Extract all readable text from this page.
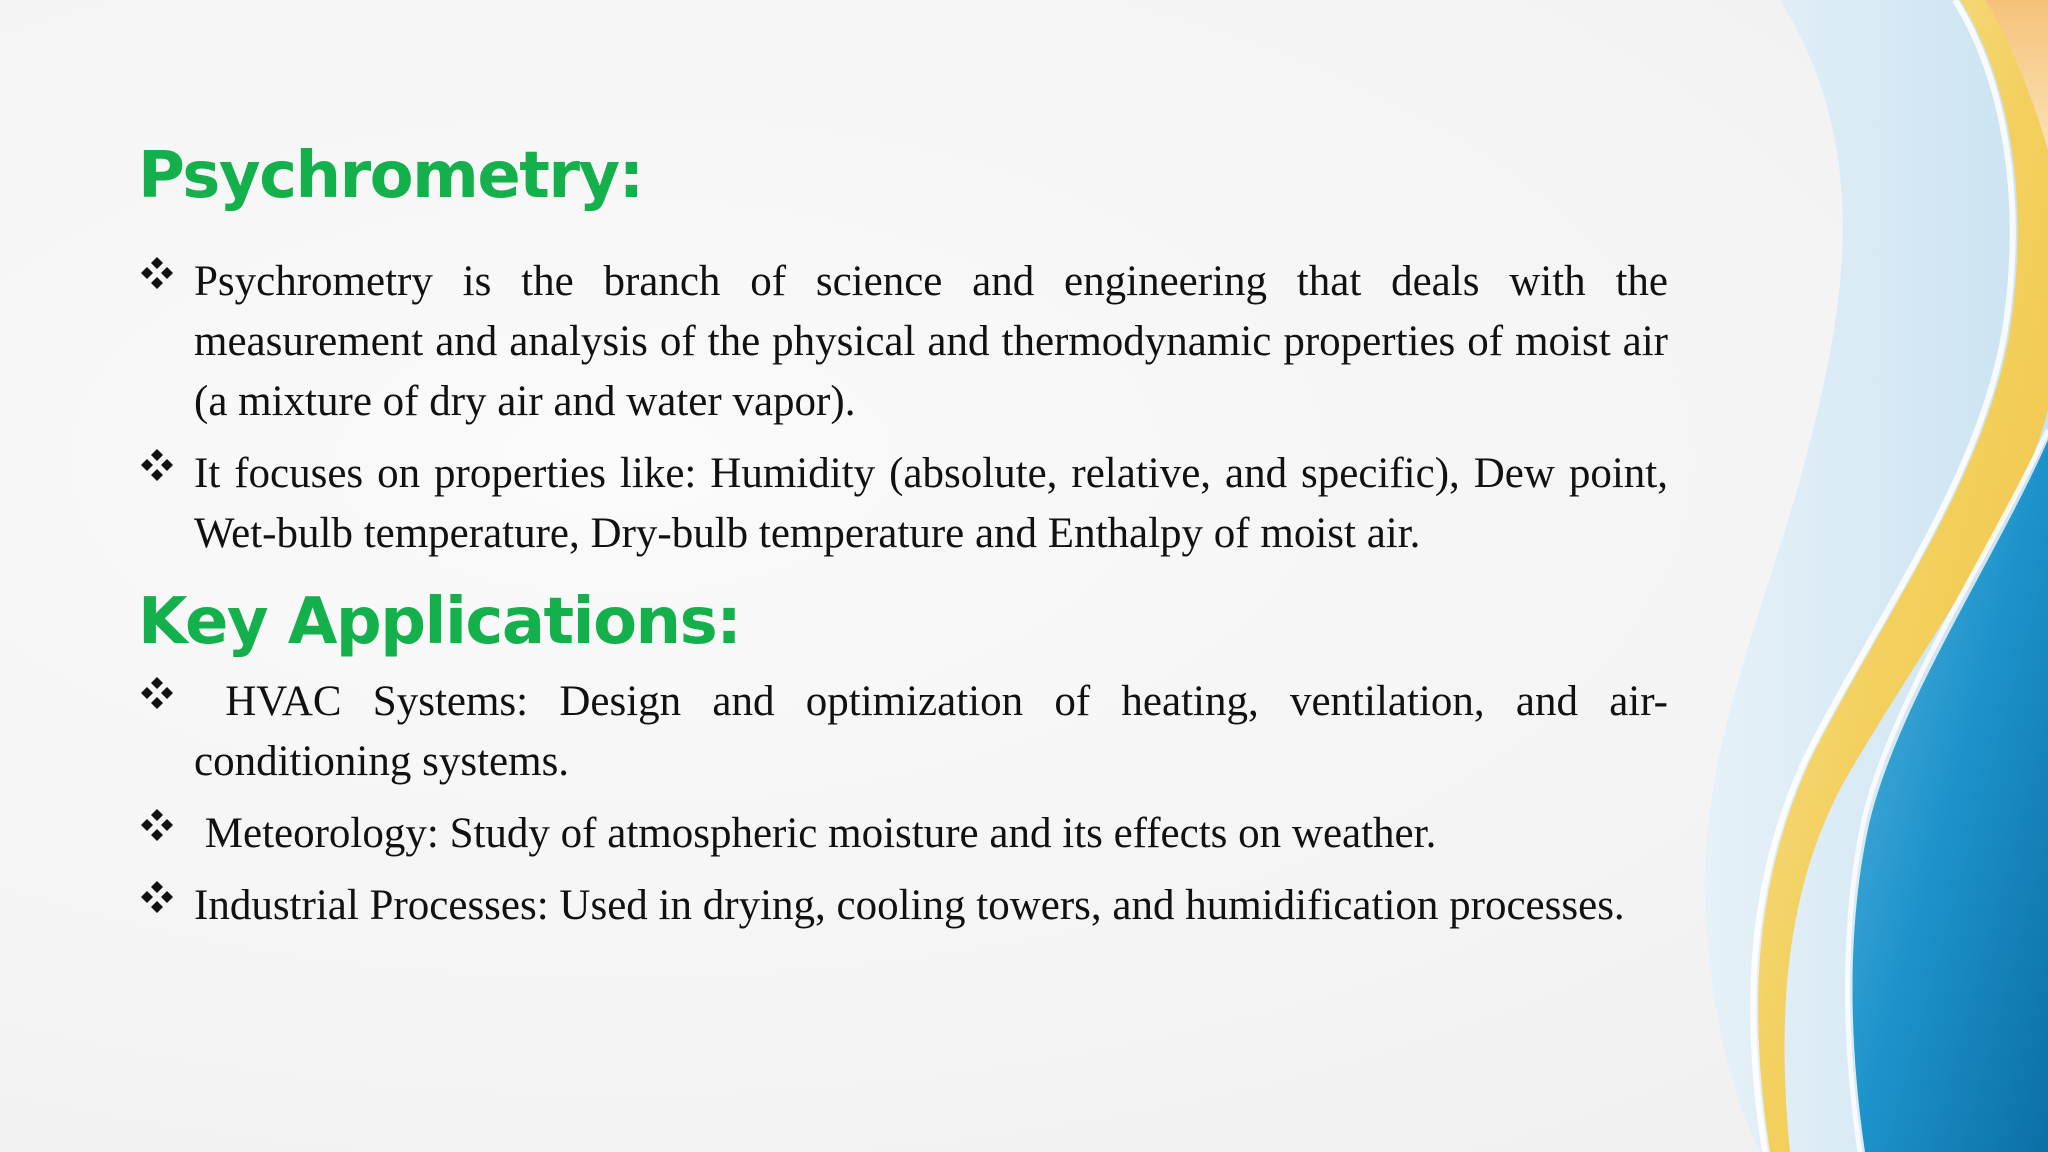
Psychrometry:
Psychrometry is the branch of science and engineering that deals with the measurement and analysis of the physical and thermodynamic properties of moist air (a mixture of dry air and water vapor).
It focuses on properties like: Humidity (absolute, relative, and specific), Dew point, Wet-bulb temperature, Dry-bulb temperature and Enthalpy of moist air.
Key Applications:
HVAC Systems: Design and optimization of heating, ventilation, and air-conditioning systems.
Meteorology: Study of atmospheric moisture and its effects on weather.
Industrial Processes: Used in drying, cooling towers, and humidification processes.
